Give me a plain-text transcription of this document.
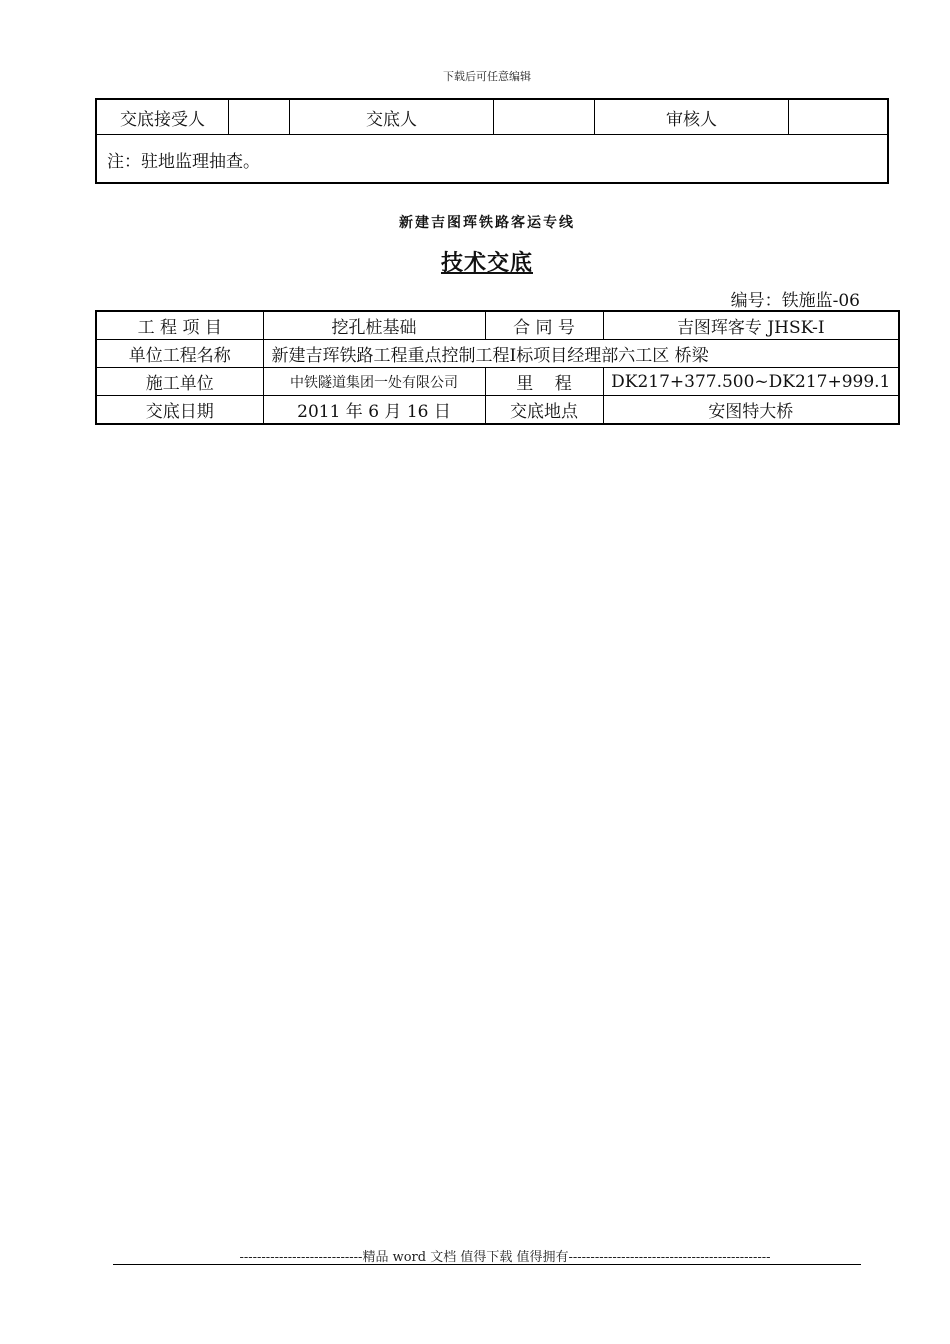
下载后可任意编辑
交底接受人	交底人	审核人
注：驻地监理抽查。
新建吉图珲铁路客运专线
技术交底
编号：铁施监-06
工 程 项 目	挖孔桩基础	合 同 号	吉图珲客专 JHSK-Ⅰ
单位工程名称	新建吉珲铁路工程重点控制工程Ⅰ标项目经理部六工区 桥梁		
施工单位	中铁隧道集团一处有限公司	里    程	DK217+377.500~DK217+999.1
交底日期	2011 年 6 月 16 日	交底地点	安图特大桥
----------------------------精品 word 文档 值得下载 值得拥有----------------------------------------------
